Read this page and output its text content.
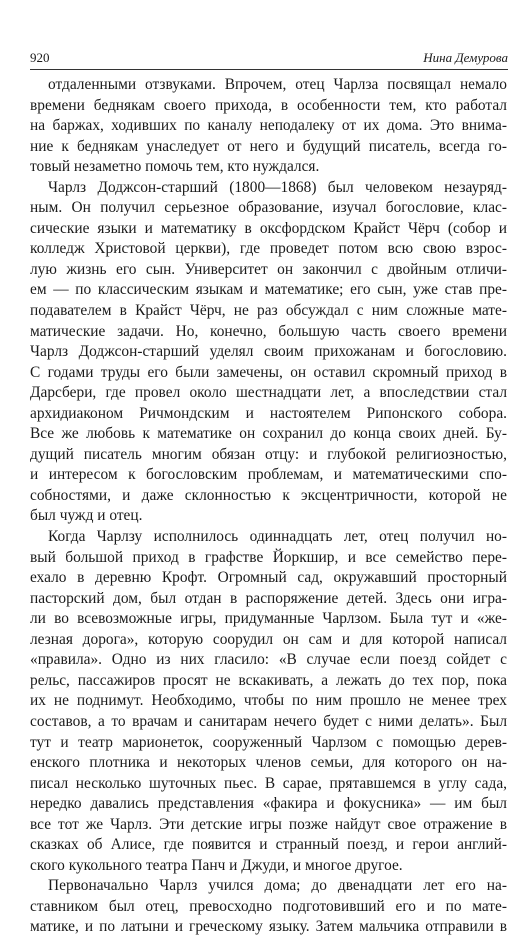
920	Нина Демурова
отдаленными отзвуками. Впрочем, отец Чарлза посвящал немало
времени беднякам своего прихода, в особенности тем, кто работал
на баржах, ходивших по каналу неподалеку от их дома. Это внима-
ние к беднякам унаследует от него и будущий писатель, всегда го-
товый незаметно помочь тем, кто нуждался.
Чарлз Доджсон-старший (1800—1868) был человеком незауряд-
ным. Он получил серьезное образование, изучал богословие, клас-
сические языки и математику в оксфордском Крайст Чёрч (собор и
колледж Христовой церкви), где проведет потом всю свою взрос-
лую жизнь его сын. Университет он закончил с двойным отличи-
ем — по классическим языкам и математике; его сын, уже став пре-
подавателем в Крайст Чёрч, не раз обсуждал с ним сложные мате-
матические задачи. Но, конечно, большую часть своего времени
Чарлз Доджсон-старший уделял своим прихожанам и богословию.
С годами труды его были замечены, он оставил скромный приход в
Дарсбери, где провел около шестнадцати лет, а впоследствии стал
архидиаконом Ричмондским и настоятелем Рипонского собора.
Все же любовь к математике он сохранил до конца своих дней. Бу-
дущий писатель многим обязан отцу: и глубокой религиозностью,
и интересом к богословским проблемам, и математическими спо-
собностями, и даже склонностью к эксцентричности, которой не
был чужд и отец.
Когда Чарлзу исполнилось одиннадцать лет, отец получил но-
вый большой приход в графстве Йоркшир, и все семейство пере-
ехало в деревню Крофт. Огромный сад, окружавший просторный
пасторский дом, был отдан в распоряжение детей. Здесь они игра-
ли во всевозможные игры, придуманные Чарлзом. Была тут и «же-
лезная дорога», которую соорудил он сам и для которой написал
«правила». Одно из них гласило: «В случае если поезд сойдет с
рельс, пассажиров просят не вскакивать, а лежать до тех пор, пока
их не поднимут. Необходимо, чтобы по ним прошло не менее трех
составов, а то врачам и санитарам нечего будет с ними делать». Был
тут и театр марионеток, сооруженный Чарлзом с помощью дерев-
енского плотника и некоторых членов семьи, для которого он на-
писал несколько шуточных пьес. В сарае, прятавшемся в углу сада,
нередко давались представления «факира и фокусника» — им был
все тот же Чарлз. Эти детские игры позже найдут свое отражение в
сказках об Алисе, где появится и странный поезд, и герои англий-
ского кукольного театра Панч и Джуди, и многое другое.
Первоначально Чарлз учился дома; до двенадцати лет его на-
ставником был отец, превосходно подготовивший его и по мате-
матике, и по латыни и греческому языку. Затем мальчика отправили в
